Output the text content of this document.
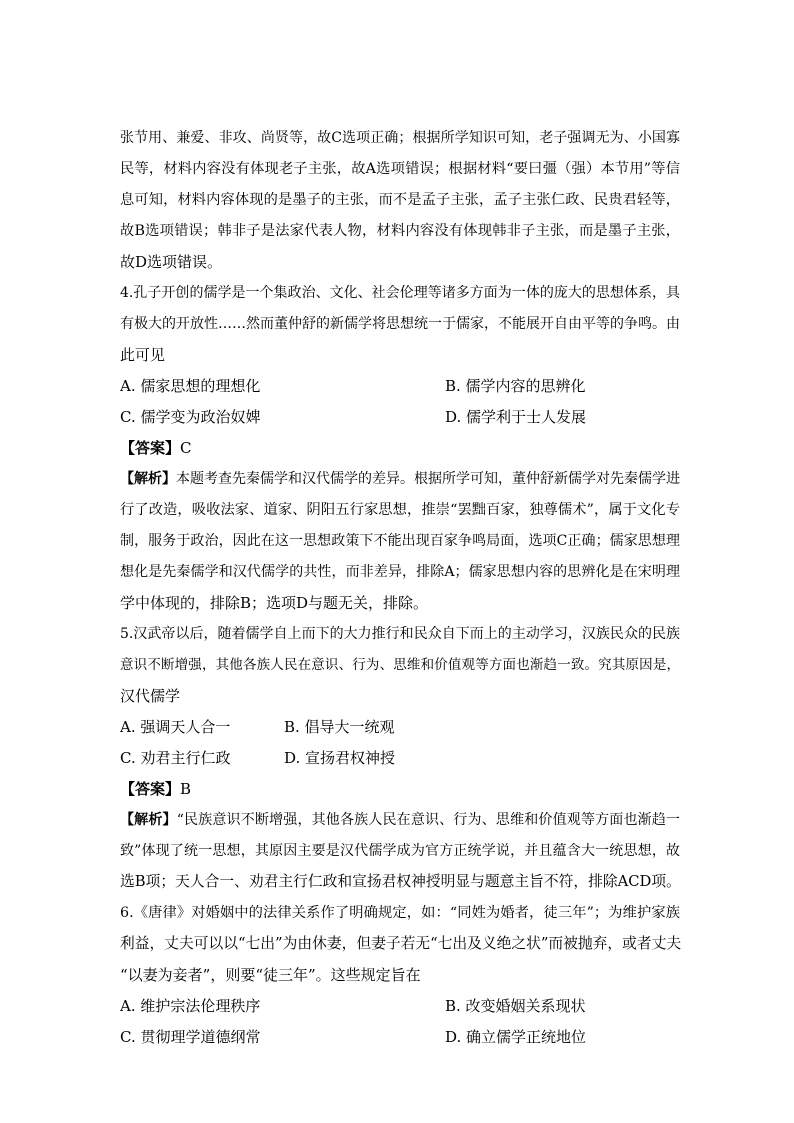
张节用、兼爱、非攻、尚贤等，故C选项正确；根据所学知识可知，老子强调无为、小国寡
民等，材料内容没有体现老子主张，故A选项错误；根据材料“要曰彊（强）本节用”等信
息可知，材料内容体现的是墨子的主张，而不是孟子主张，孟子主张仁政、民贵君轻等，
故B选项错误；韩非子是法家代表人物，材料内容没有体现韩非子主张，而是墨子主张，
故D选项错误。
4.孔子开创的儒学是一个集政治、文化、社会伦理等诸多方面为一体的庞大的思想体系，具
有极大的开放性……然而董仲舒的新儒学将思想统一于儒家，不能展开自由平等的争鸣。由
此可见
A. 儒家思想的理想化	B. 儒学内容的思辨化
C. 儒学变为政治奴婢	D. 儒学利于士人发展
【答案】C
【解析】本题考查先秦儒学和汉代儒学的差异。根据所学可知，董仲舒新儒学对先秦儒学进
行了改造，吸收法家、道家、阴阳五行家思想，推崇“罢黜百家，独尊儒术”，属于文化专
制，服务于政治，因此在这一思想政策下不能出现百家争鸣局面，选项C正确；儒家思想理
想化是先秦儒学和汉代儒学的共性，而非差异，排除A；儒家思想内容的思辨化是在宋明理
学中体现的，排除B；选项D与题无关，排除。
5.汉武帝以后，随着儒学自上而下的大力推行和民众自下而上的主动学习，汉族民众的民族
意识不断增强，其他各族人民在意识、行为、思维和价值观等方面也渐趋一致。究其原因是，
汉代儒学
A. 强调天人合一	B. 倡导大一统观
C. 劝君主行仁政	D. 宣扬君权神授
【答案】B
【解析】“民族意识不断增强，其他各族人民在意识、行为、思维和价值观等方面也渐趋一
致”体现了统一思想，其原因主要是汉代儒学成为官方正统学说，并且蕴含大一统思想，故
选B项；天人合一、劝君主行仁政和宣扬君权神授明显与题意主旨不符，排除ACD项。
6.《唐律》对婚姻中的法律关系作了明确规定，如：“同姓为婚者，徒三年”；为维护家族
利益，丈夫可以以“七出”为由休妻，但妻子若无“七出及义绝之状”而被抛弃，或者丈夫
“以妻为妾者”，则要“徒三年”。这些规定旨在
A. 维护宗法伦理秩序	B. 改变婚姻关系现状
C. 贯彻理学道德纲常	D. 确立儒学正统地位
